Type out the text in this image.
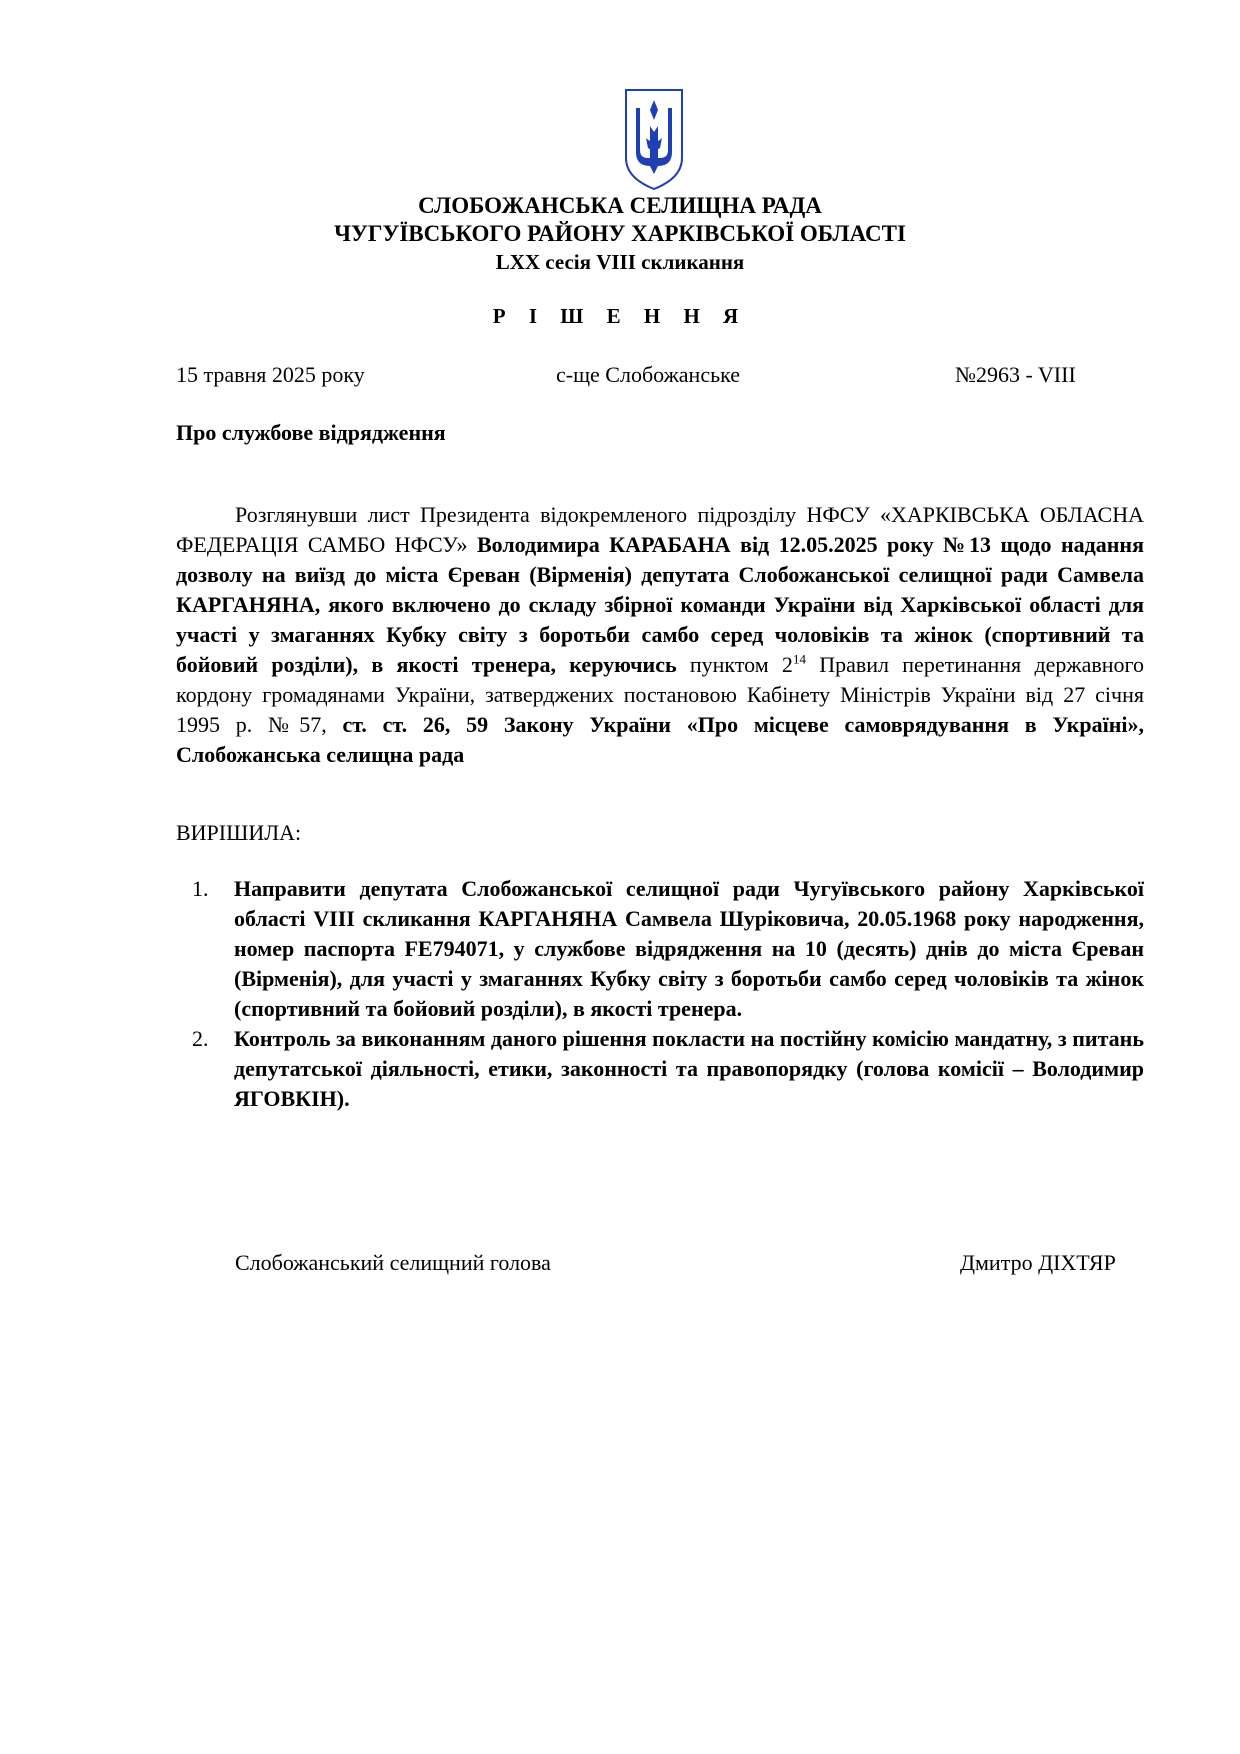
СЛОБОЖАНСЬКА СЕЛИЩНА РАДА
ЧУГУЇВСЬКОГО РАЙОНУ ХАРКІВСЬКОЇ ОБЛАСТІ
LXX сесія VIII скликання
Р І Ш Е Н Н Я
15 травня 2025 року	с-ще Слобожанське	№2963 - VIII
Про службове відрядження
Розглянувши лист Президента відокремленого підрозділу НФСУ «ХАРКІВСЬКА ОБЛАСНА ФЕДЕРАЦІЯ САМБО НФСУ» Володимира КАРАБАНА від 12.05.2025 року №13 щодо надання дозволу на виїзд до міста Єреван (Вірменія) депутата Слобожанської селищної ради Самвела КАРГАНЯНА, якого включено до складу збірної команди України від Харківської області для участі у змаганнях Кубку світу з боротьби самбо серед чоловіків та жінок (спортивний та бойовий розділи), в якості тренера, керуючись пунктом $2^{14}$ Правил перетинання державного кордону громадянами України, затверджених постановою Кабінету Міністрів України від 27 січня 1995 р. №57, ст. ст. 26, 59 Закону України «Про місцеве самоврядування в Україні», Слобожанська селищна рада
ВИРІШИЛА:
1. Направити депутата Слобожанської селищної ради Чугуївського району Харківської області VIII скликання КАРГАНЯНА Самвела Шуріковича, 20.05.1968 року народження, номер паспорта FE794071, у службове відрядження на 10 (десять) днів до міста Єреван (Вірменія), для участі у змаганнях Кубку світу з боротьби самбо серед чоловіків та жінок (спортивний та бойовий розділи), в якості тренера.
2. Контроль за виконанням даного рішення покласти на постійну комісію мандатну, з питань депутатської діяльності, етики, законності та правопорядку (голова комісії – Володимир ЯГОВКІН).
Слобожанський селищний голова	Дмитро ДІХТЯР
